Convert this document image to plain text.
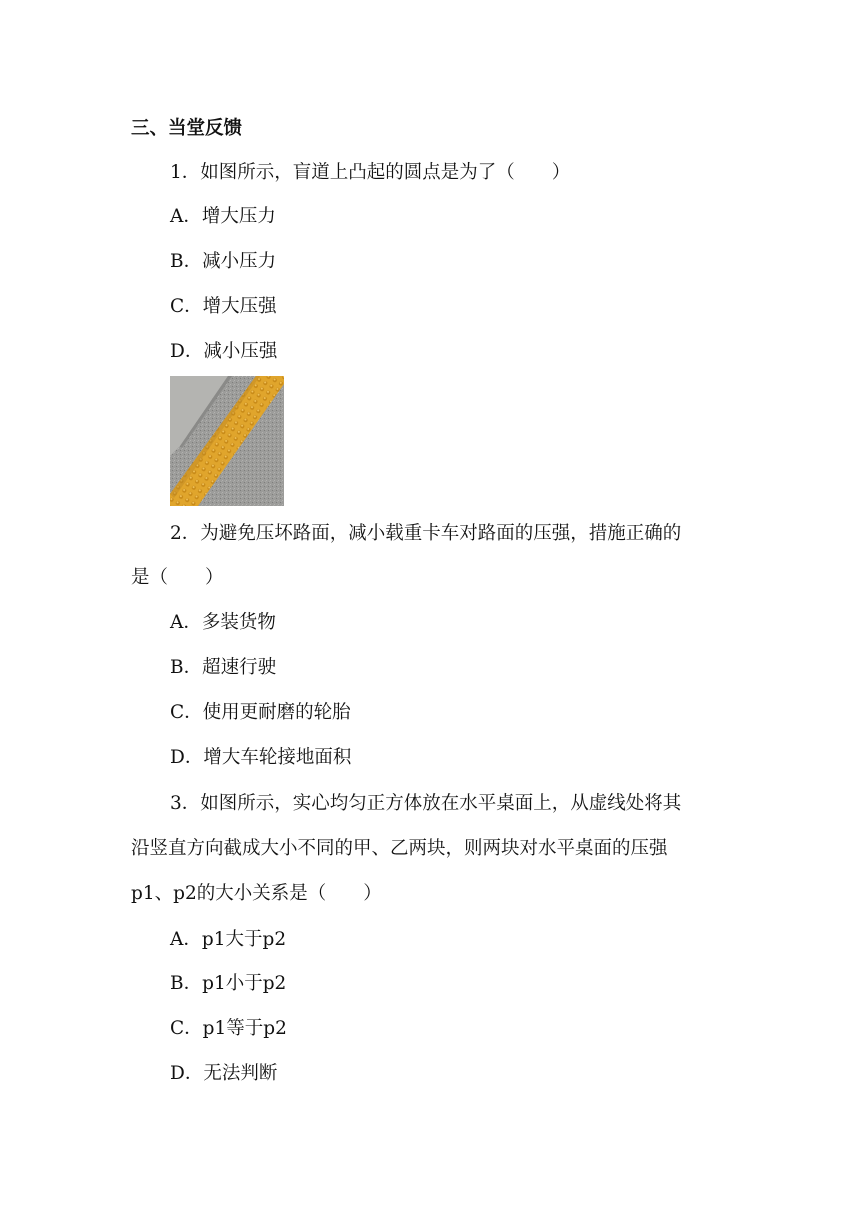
三、当堂反馈
1．如图所示，盲道上凸起的圆点是为了（　　）
A．增大压力
B．减小压力
C．增大压强
D．减小压强
2．为避免压坏路面，减小载重卡车对路面的压强，措施正确的
是（　　）
A．多装货物
B．超速行驶
C．使用更耐磨的轮胎
D．增大车轮接地面积
3．如图所示，实心均匀正方体放在水平桌面上，从虚线处将其
沿竖直方向截成大小不同的甲、乙两块，则两块对水平桌面的压强
p1、p2的大小关系是（　　）
A．p1大于p2
B．p1小于p2
C．p1等于p2
D．无法判断
